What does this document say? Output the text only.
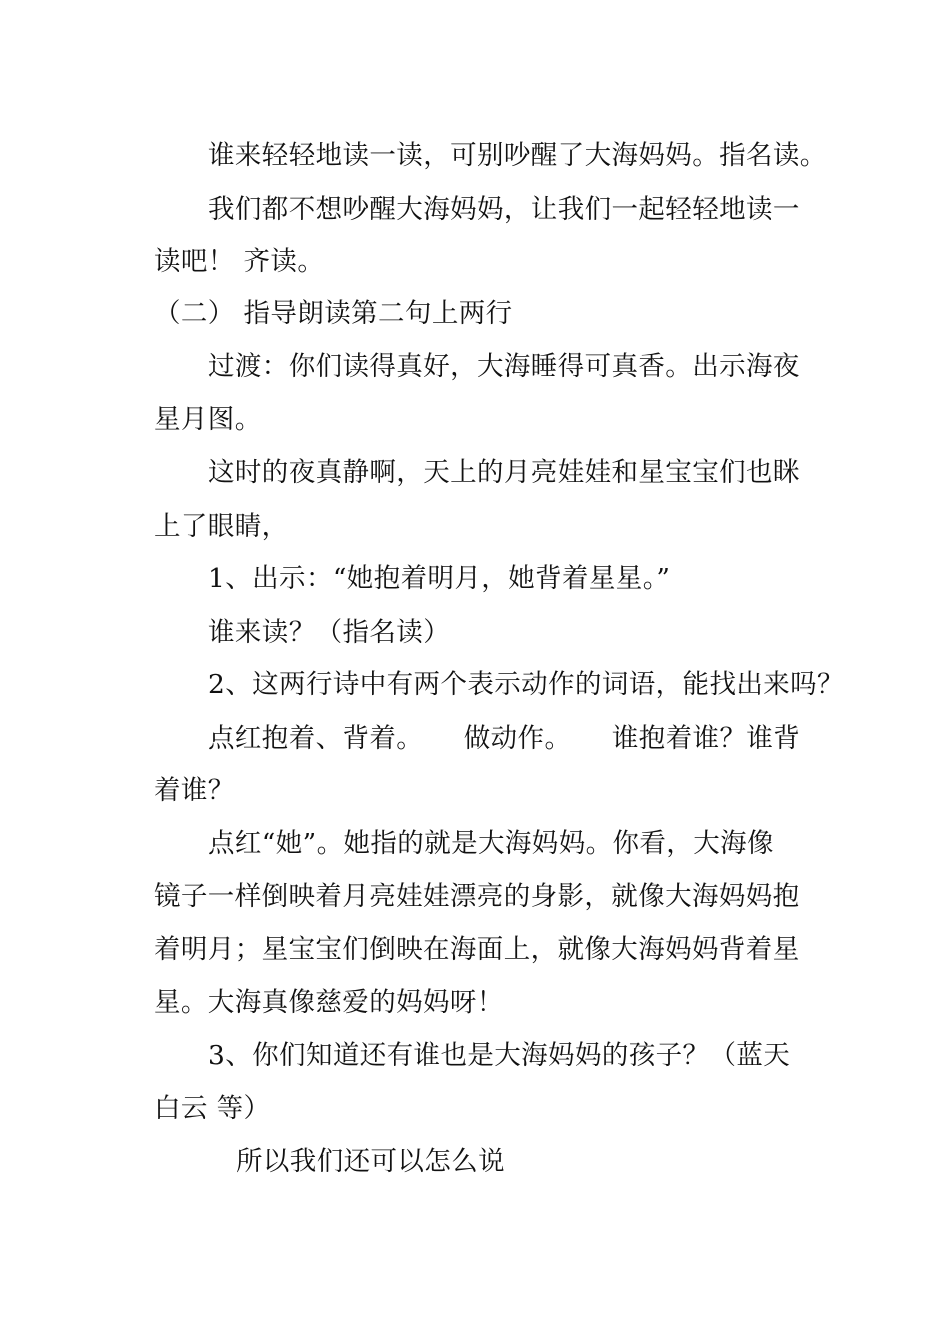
谁来轻轻地读一读，可别吵醒了大海妈妈。指名读。
我们都不想吵醒大海妈妈，让我们一起轻轻地读一
读吧！ 齐读。
（二） 指导朗读第二句上两行
过渡：你们读得真好，大海睡得可真香。出示海夜
星月图。
这时的夜真静啊，天上的月亮娃娃和星宝宝们也眯
上了眼睛，
1、出示：“她抱着明月，她背着星星。”
谁来读？（指名读）
2、这两行诗中有两个表示动作的词语，能找出来吗？
点红抱着、背着。　　做动作。　　谁抱着谁？谁背
着谁？
点红“她”。她指的就是大海妈妈。你看，大海像
镜子一样倒映着月亮娃娃漂亮的身影，就像大海妈妈抱
着明月；星宝宝们倒映在海面上，就像大海妈妈背着星
星。大海真像慈爱的妈妈呀！
3、你们知道还有谁也是大海妈妈的孩子？（蓝天
白云 等）
所以我们还可以怎么说
